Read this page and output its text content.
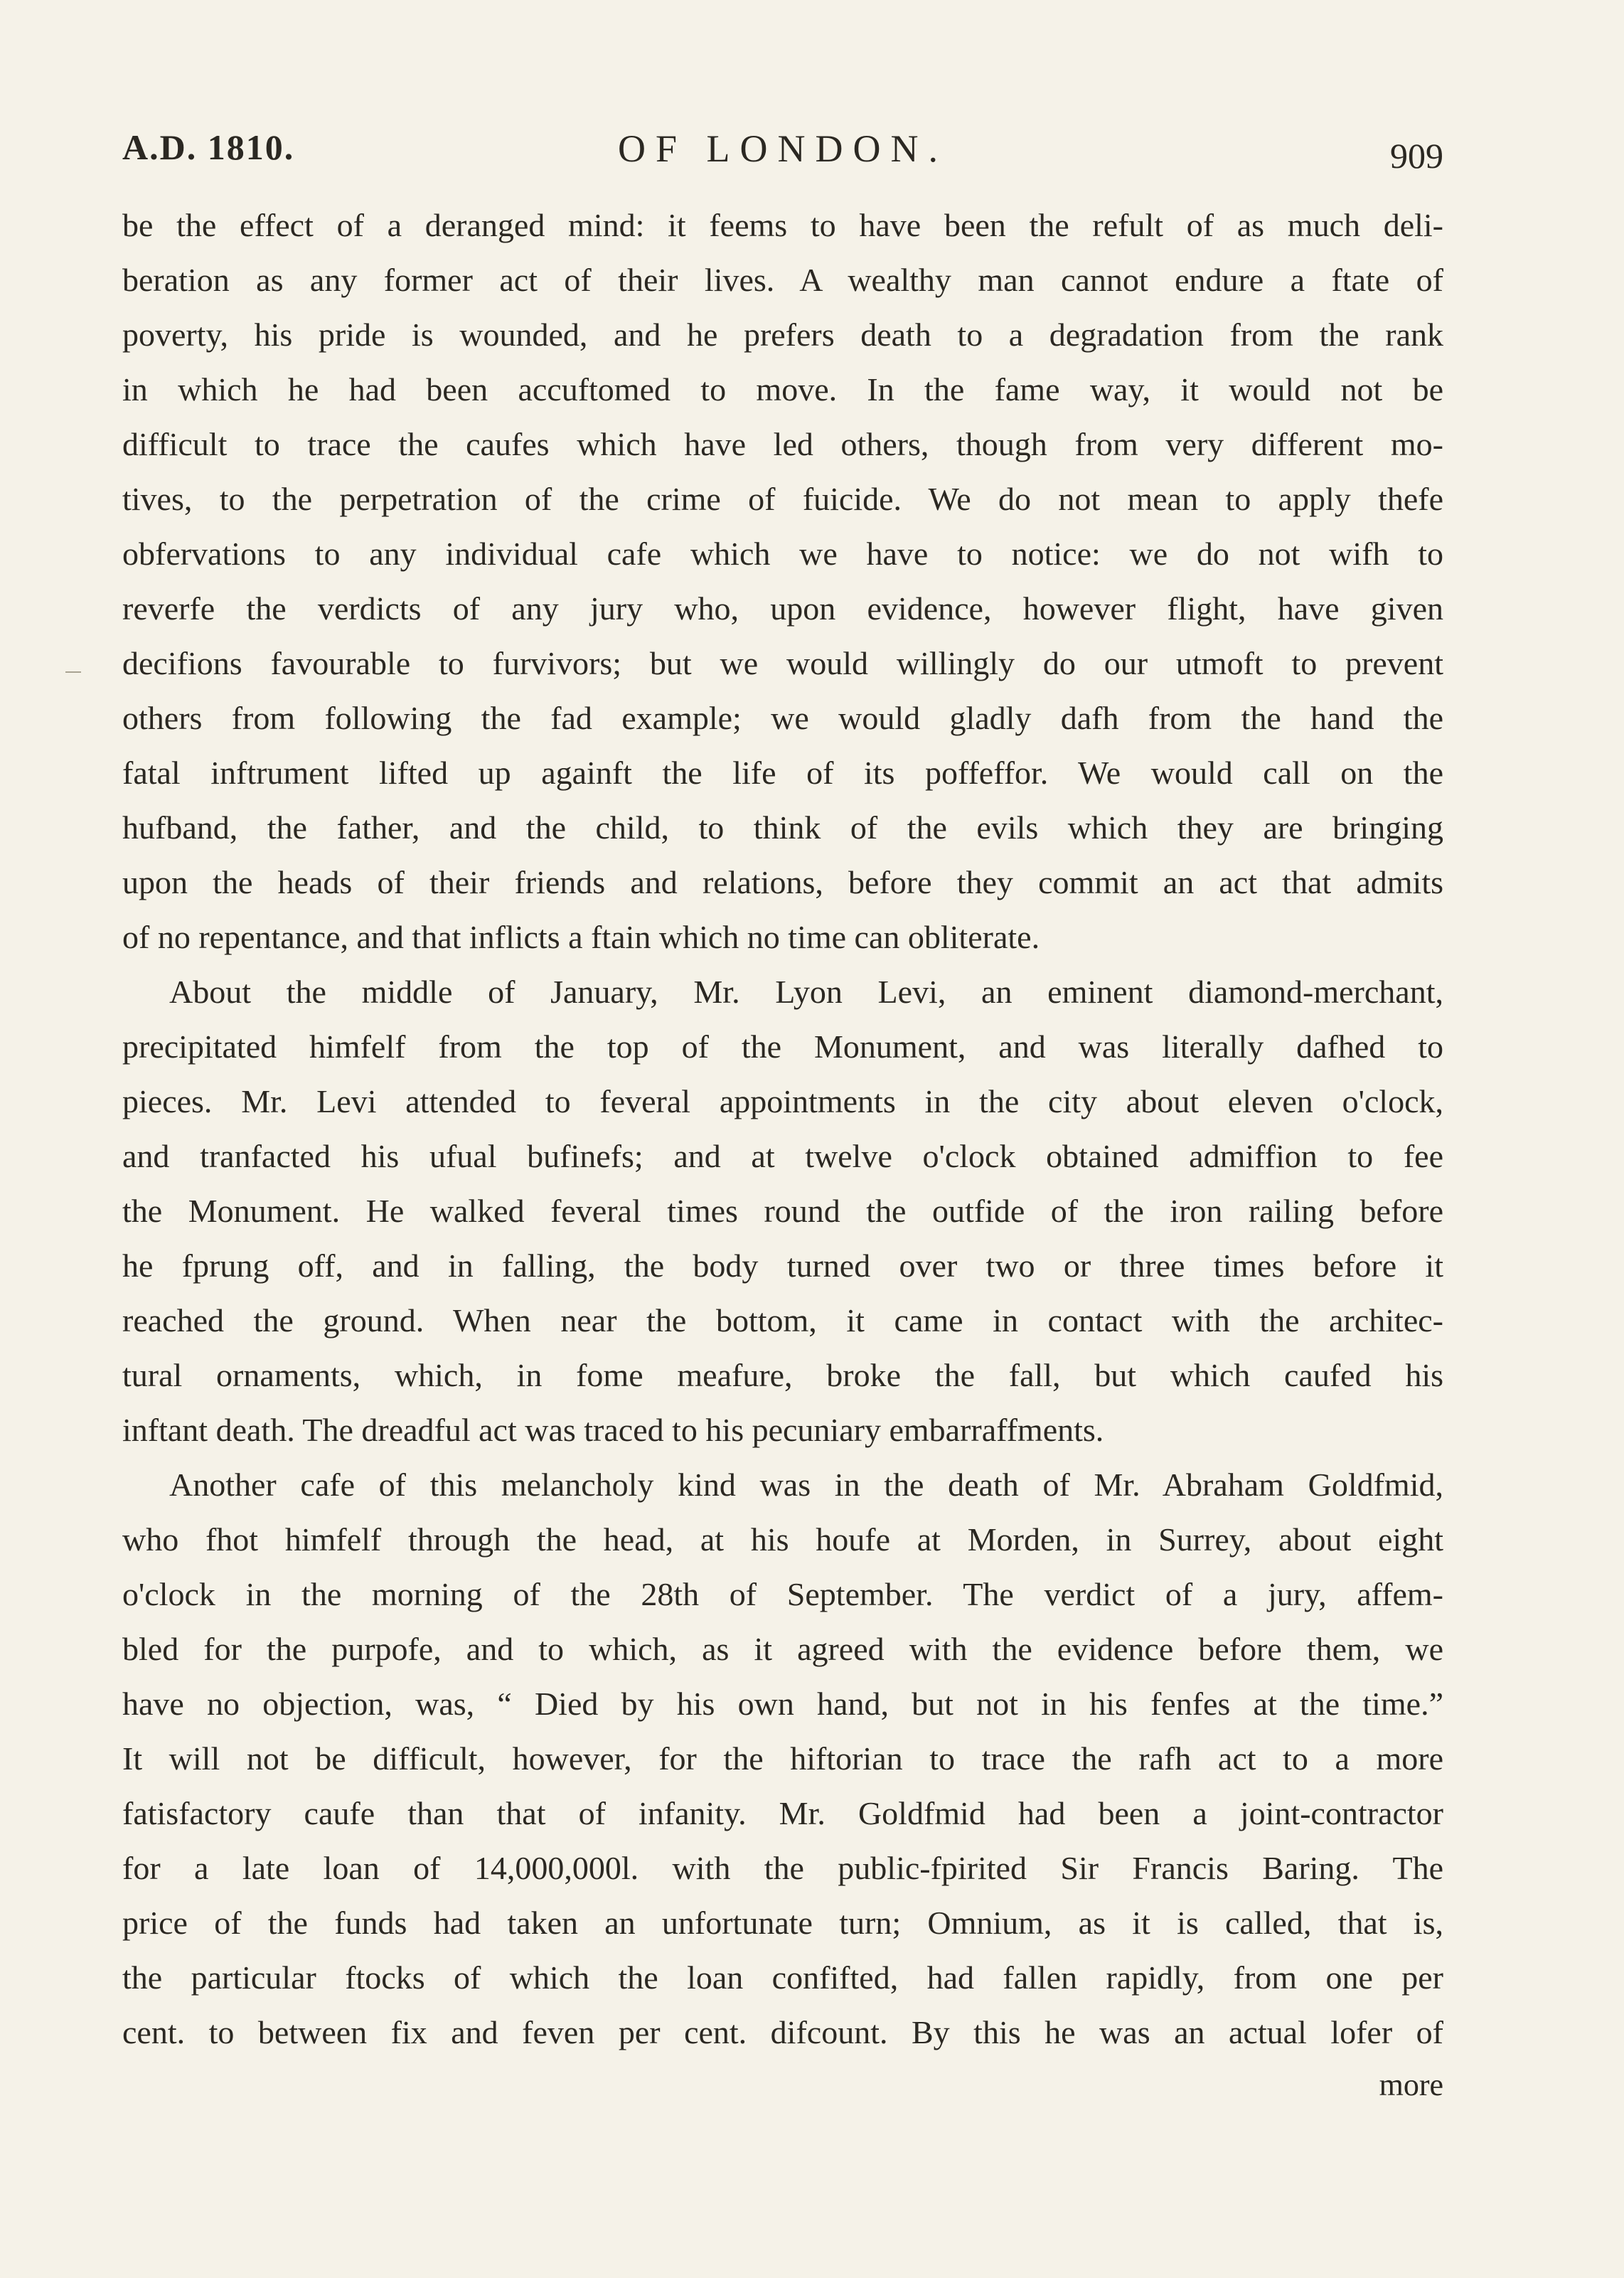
A.D. 1810.	OF LONDON.	909
be the effect of a deranged mind: it feems to have been the refult of as much deli-
beration as any former act of their lives. A wealthy man cannot endure a ftate of
poverty, his pride is wounded, and he prefers death to a degradation from the rank
in which he had been accuftomed to move. In the fame way, it would not be
difficult to trace the caufes which have led others, though from very different mo-
tives, to the perpetration of the crime of fuicide. We do not mean to apply thefe
obfervations to any individual cafe which we have to notice: we do not wifh to
reverfe the verdicts of any jury who, upon evidence, however flight, have given
decifions favourable to furvivors; but we would willingly do our utmoft to prevent
others from following the fad example; we would gladly dafh from the hand the
fatal inftrument lifted up againft the life of its poffeffor. We would call on the
hufband, the father, and the child, to think of the evils which they are bringing
upon the heads of their friends and relations, before they commit an act that admits
of no repentance, and that inflicts a ftain which no time can obliterate.
About the middle of January, Mr. Lyon Levi, an eminent diamond-merchant,
precipitated himfelf from the top of the Monument, and was literally dafhed to
pieces. Mr. Levi attended to feveral appointments in the city about eleven o'clock,
and tranfacted his ufual bufinefs; and at twelve o'clock obtained admiffion to fee
the Monument. He walked feveral times round the outfide of the iron railing before
he fprung off, and in falling, the body turned over two or three times before it
reached the ground. When near the bottom, it came in contact with the architec-
tural ornaments, which, in fome meafure, broke the fall, but which caufed his
inftant death. The dreadful act was traced to his pecuniary embarraffments.
Another cafe of this melancholy kind was in the death of Mr. Abraham Goldfmid,
who fhot himfelf through the head, at his houfe at Morden, in Surrey, about eight
o'clock in the morning of the 28th of September. The verdict of a jury, affem-
bled for the purpofe, and to which, as it agreed with the evidence before them, we
have no objection, was, “ Died by his own hand, but not in his fenfes at the time.”
It will not be difficult, however, for the hiftorian to trace the rafh act to a more
fatisfactory caufe than that of infanity. Mr. Goldfmid had been a joint-contractor
for a late loan of 14,000,000l. with the public-fpirited Sir Francis Baring. The
price of the funds had taken an unfortunate turn; Omnium, as it is called, that is,
the particular ftocks of which the loan confifted, had fallen rapidly, from one per
cent. to between fix and feven per cent. difcount. By this he was an actual lofer of
more
